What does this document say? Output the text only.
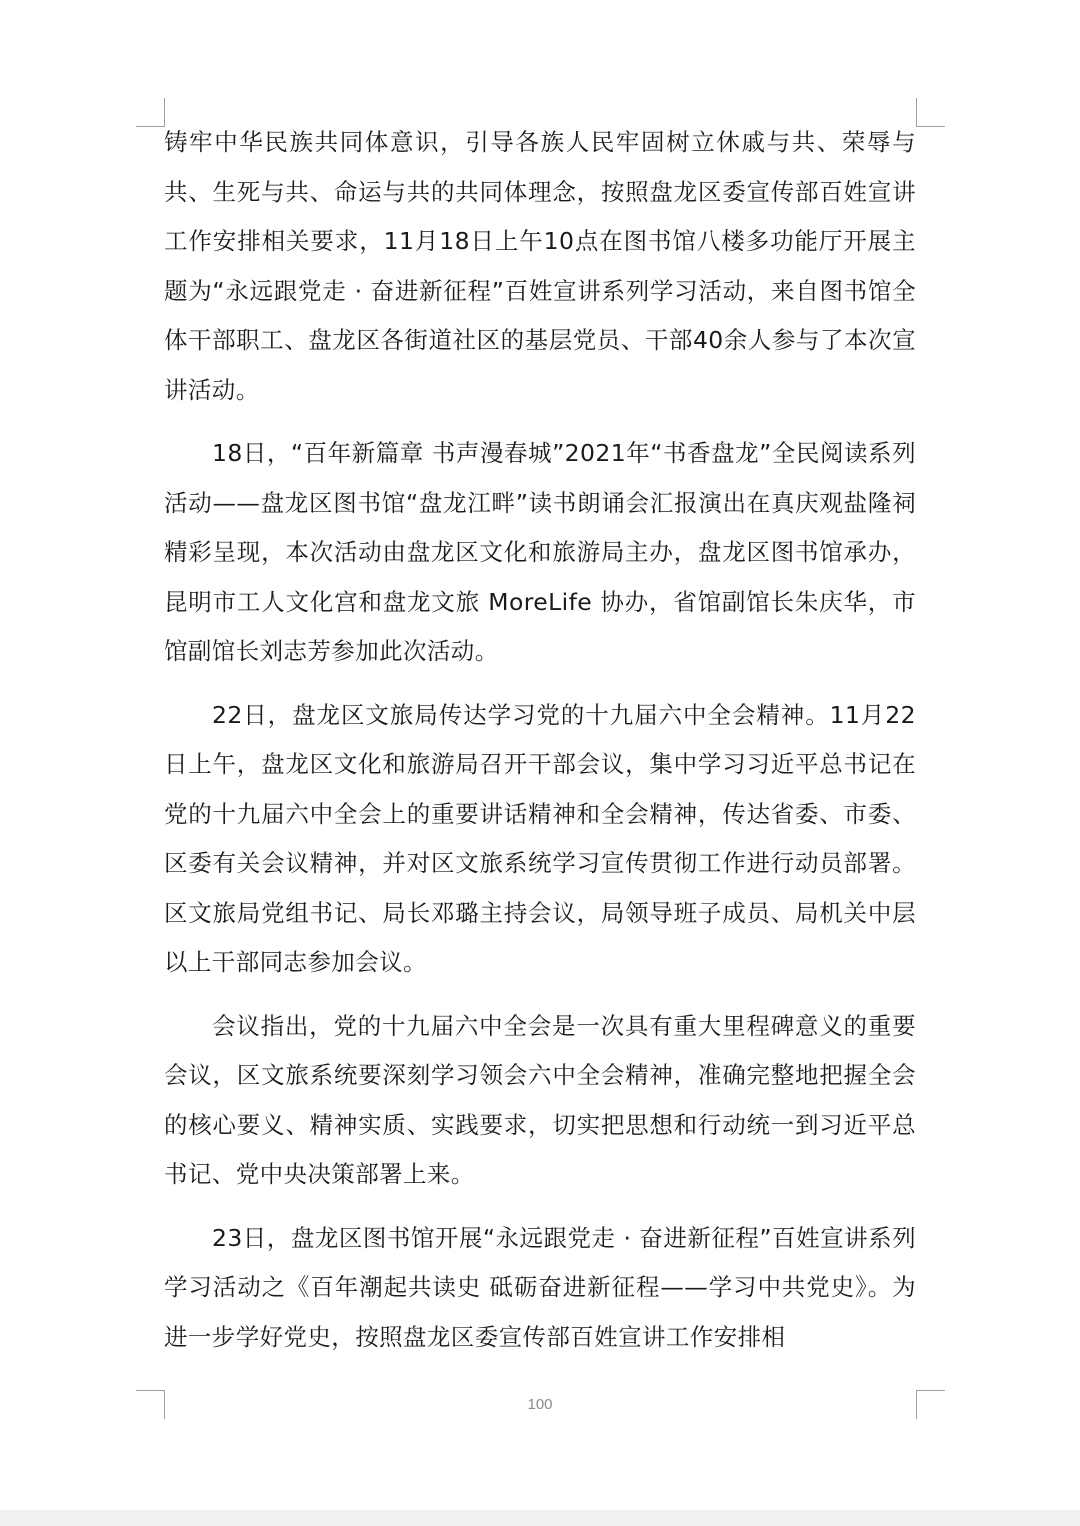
铸牢中华民族共同体意识，引导各族人民牢固树立休戚与共、荣辱与共、生死与共、命运与共的共同体理念，按照盘龙区委宣传部百姓宣讲工作安排相关要求，11月18日上午10点在图书馆八楼多功能厅开展主题为“永远跟党走 · 奋进新征程”百姓宣讲系列学习活动，来自图书馆全体干部职工、盘龙区各街道社区的基层党员、干部40余人参与了本次宣讲活动。

18日，“百年新篇章 书声漫春城”2021年“书香盘龙”全民阅读系列活动——盘龙区图书馆“盘龙江畔”读书朗诵会汇报演出在真庆观盐隆祠精彩呈现，本次活动由盘龙区文化和旅游局主办，盘龙区图书馆承办，昆明市工人文化宫和盘龙文旅 MoreLife 协办，省馆副馆长朱庆华，市馆副馆长刘志芳参加此次活动。

22日，盘龙区文旅局传达学习党的十九届六中全会精神。11月22日上午，盘龙区文化和旅游局召开干部会议，集中学习习近平总书记在党的十九届六中全会上的重要讲话精神和全会精神，传达省委、市委、区委有关会议精神，并对区文旅系统学习宣传贯彻工作进行动员部署。区文旅局党组书记、局长邓璐主持会议，局领导班子成员、局机关中层以上干部同志参加会议。

会议指出，党的十九届六中全会是一次具有重大里程碑意义的重要会议，区文旅系统要深刻学习领会六中全会精神，准确完整地把握全会的核心要义、精神实质、实践要求，切实把思想和行动统一到习近平总书记、党中央决策部署上来。

23日，盘龙区图书馆开展“永远跟党走 · 奋进新征程”百姓宣讲系列学习活动之《百年潮起共读史 砥砺奋进新征程——学习中共党史》。为进一步学好党史，按照盘龙区委宣传部百姓宣讲工作安排相

100
